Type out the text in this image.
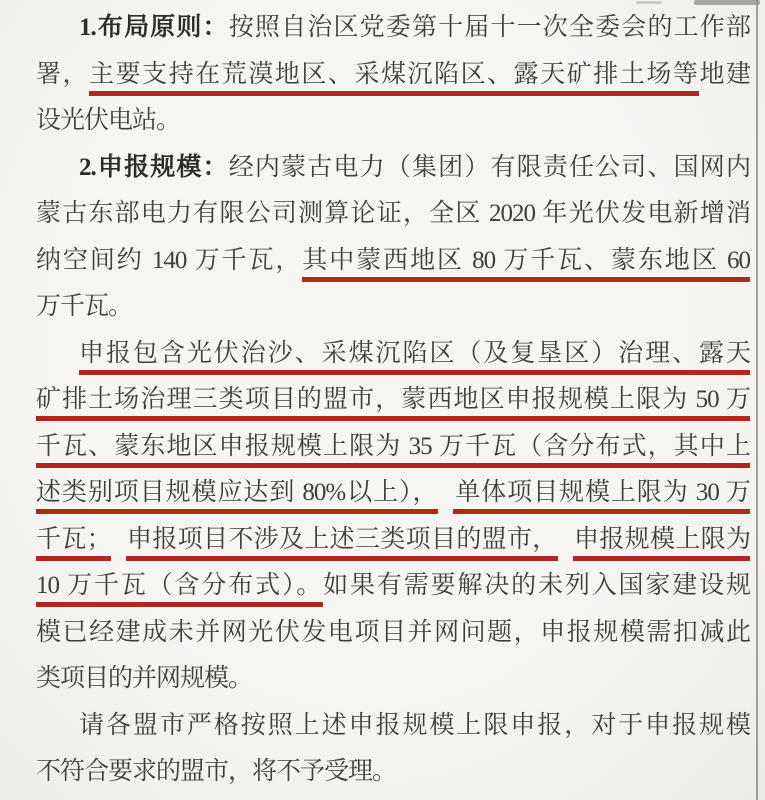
1.布局原则：按照自治区党委第十届十一次全委会的工作部
署，主要支持在荒漠地区、采煤沉陷区、露天矿排土场等地建
设光伏电站。
2.申报规模：经内蒙古电力（集团）有限责任公司、国网内
蒙古东部电力有限公司测算论证，全区 2020 年光伏发电新增消
纳空间约 140 万千瓦，其中蒙西地区 80 万千瓦、蒙东地区 60
万千瓦。
申报包含光伏治沙、采煤沉陷区（及复垦区）治理、露天
矿排土场治理三类项目的盟市，蒙西地区申报规模上限为 50 万
千瓦、蒙东地区申报规模上限为 35 万千瓦（含分布式，其中上
述类别项目规模应达到 80%以上）， 单体项目规模上限为 30 万
千瓦； 申报项目不涉及上述三类项目的盟市， 申报规模上限为
10 万千瓦（含分布式）。如果有需要解决的未列入国家建设规
模已经建成未并网光伏发电项目并网问题，申报规模需扣减此
类项目的并网规模。
请各盟市严格按照上述申报规模上限申报，对于申报规模
不符合要求的盟市，将不予受理。
